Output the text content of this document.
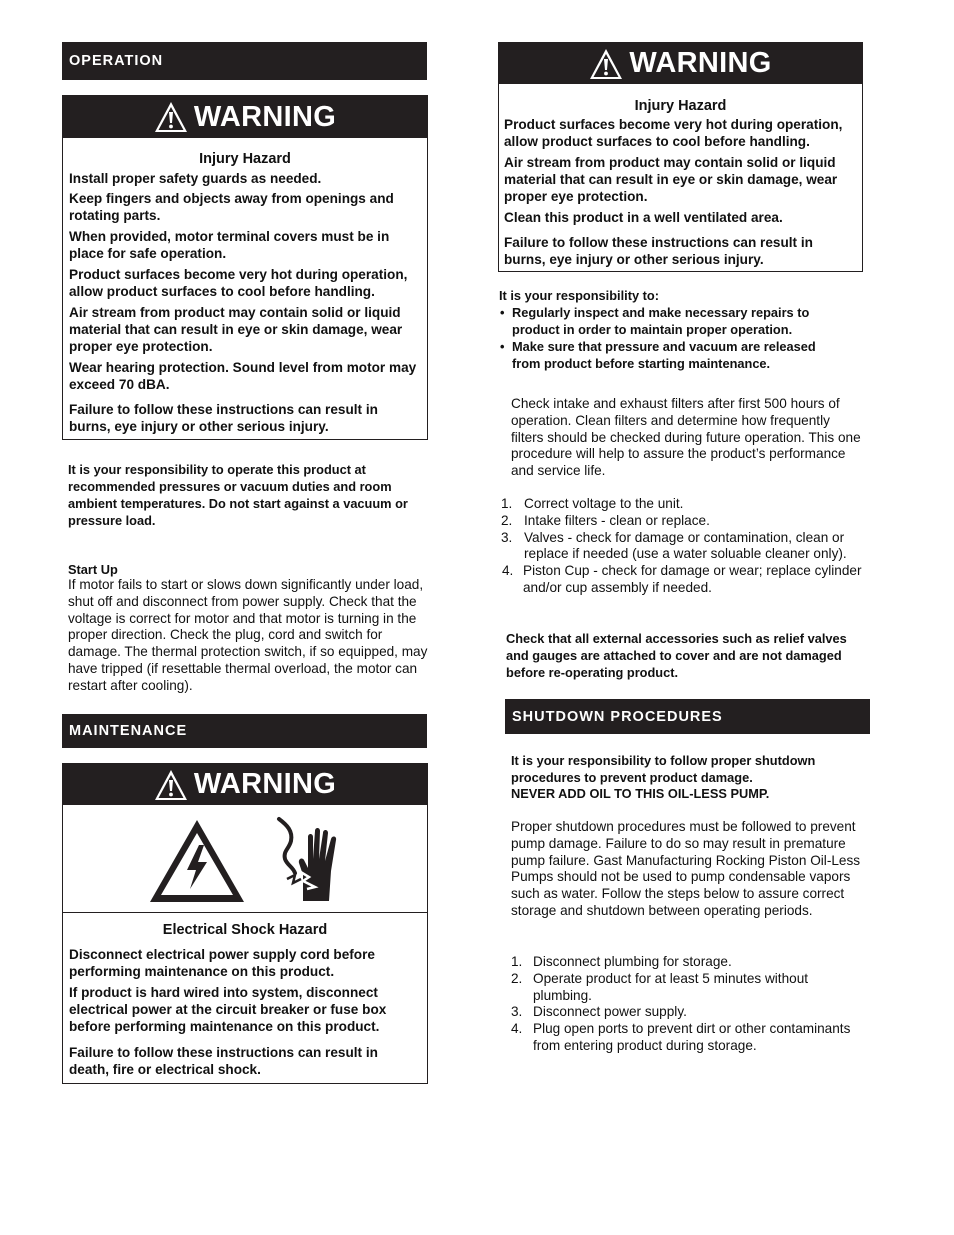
OPERATION
WARNING
Injury Hazard

Install proper safety guards as needed.

Keep fingers and objects away from openings and rotating parts.

When provided, motor terminal covers must be in place for safe operation.

Product surfaces become very hot during operation, allow product surfaces to cool before handling.

Air stream from product may contain solid or liquid material that can result in eye or skin damage, wear proper eye protection.

Wear hearing protection. Sound level from motor may exceed 70 dBA.

Failure to follow these instructions can result in burns, eye injury or other serious injury.

It is your responsibility to operate this product at recommended pressures or vacuum duties and room ambient temperatures. Do not start against a vacuum or pressure load.

Start Up

If motor fails to start or slows down significantly under load, shut off and disconnect from power supply. Check that the voltage is correct for motor and that motor is turning in the proper direction. Check the plug, cord and switch for damage. The thermal protection switch, if so equipped, may have tripped (if resettable thermal overload, the motor can restart after cooling).

MAINTENANCE
WARNING
Electrical Shock Hazard

Disconnect electrical power supply cord before performing maintenance on this product.

If product is hard wired into system, disconnect electrical power at the circuit breaker or fuse box before performing maintenance on this product.

Failure to follow these instructions can result in death, fire or electrical shock.

WARNING
Injury Hazard

Product surfaces become very hot during operation, allow product surfaces to cool before handling.

Air stream from product may contain solid or liquid material that can result in eye or skin damage, wear proper eye protection.

Clean this product in a well ventilated area.

Failure to follow these instructions can result in burns, eye injury or other serious injury.

It is your responsibility to:

• Regularly inspect and make necessary repairs to product in order to maintain proper operation.
• Make sure that pressure and vacuum are released from product before starting maintenance.

Check intake and exhaust filters after first 500 hours of operation. Clean filters and determine how frequently filters should be checked during future operation. This one procedure will help to assure the product’s performance and service life.

1. Correct voltage to the unit.
2. Intake filters - clean or replace.
3. Valves - check for damage or contamination, clean or replace if needed (use a water soluable cleaner only).
4. Piston Cup - check for damage or wear; replace cylinder and/or cup assembly if needed.

Check that all external accessories such as relief valves and gauges are attached to cover and are not damaged before re-operating product.

SHUTDOWN PROCEDURES

It is your responsibility to follow proper shutdown procedures to prevent product damage.

NEVER ADD OIL TO THIS OIL-LESS PUMP.

Proper shutdown procedures must be followed to prevent pump damage. Failure to do so may result in premature pump failure. Gast Manufacturing Rocking Piston Oil-Less Pumps should not be used to pump condensable vapors such as water. Follow the steps below to assure correct storage and shutdown between operating periods.

1. Disconnect plumbing for storage.
2. Operate product for at least 5 minutes without plumbing.
3. Disconnect power supply.
4. Plug open ports to prevent dirt or other contaminants from entering product during storage.
